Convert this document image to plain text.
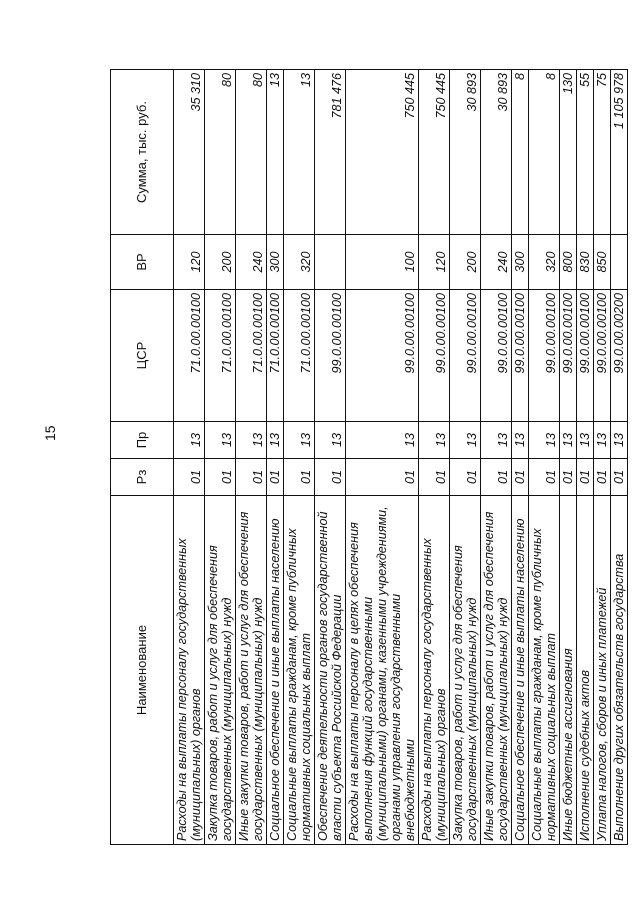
15
Наименование	Рз	Пр	ЦСР	ВР	Сумма, тыс. руб.
Расходы на выплаты персоналу государственных (муниципальных) органов	01	13	71.0.00.00100	120	35 310
Закупка товаров, работ и услуг для обеспечения государственных (муниципальных) нужд	01	13	71.0.00.00100	200	80
Иные закупки товаров, работ и услуг для обеспечения государственных (муниципальных) нужд	01	13	71.0.00.00100	240	80
Социальное обеспечение и иные выплаты населению	01	13	71.0.00.00100	300	13
Социальные выплаты гражданам, кроме публичных нормативных социальных выплат	01	13	71.0.00.00100	320	13
Обеспечение деятельности органов государственной власти субъекта Российской Федерации	01	13	99.0.00.00100		781 476
Расходы на выплаты персоналу в целях обеспечения выполнения функций государственными (муниципальными) органами, казенными учреждениями, органами управления государственными внебюджетными	01	13	99.0.00.00100	100	750 445
Расходы на выплаты персоналу государственных (муниципальных) органов	01	13	99.0.00.00100	120	750 445
Закупка товаров, работ и услуг для обеспечения государственных (муниципальных) нужд	01	13	99.0.00.00100	200	30 893
Иные закупки товаров, работ и услуг для обеспечения государственных (муниципальных) нужд	01	13	99.0.00.00100	240	30 893
Социальное обеспечение и иные выплаты населению	01	13	99.0.00.00100	300	8
Социальные выплаты гражданам, кроме публичных нормативных социальных выплат	01	13	99.0.00.00100	320	8
Иные бюджетные ассигнования	01	13	99.0.00.00100	800	130
Исполнение судебных актов	01	13	99.0.00.00100	830	55
Уплата налогов, сборов и иных платежей	01	13	99.0.00.00100	850	75
Выполнение других обязательств государства	01	13	99.0.00.00200		1 105 978
